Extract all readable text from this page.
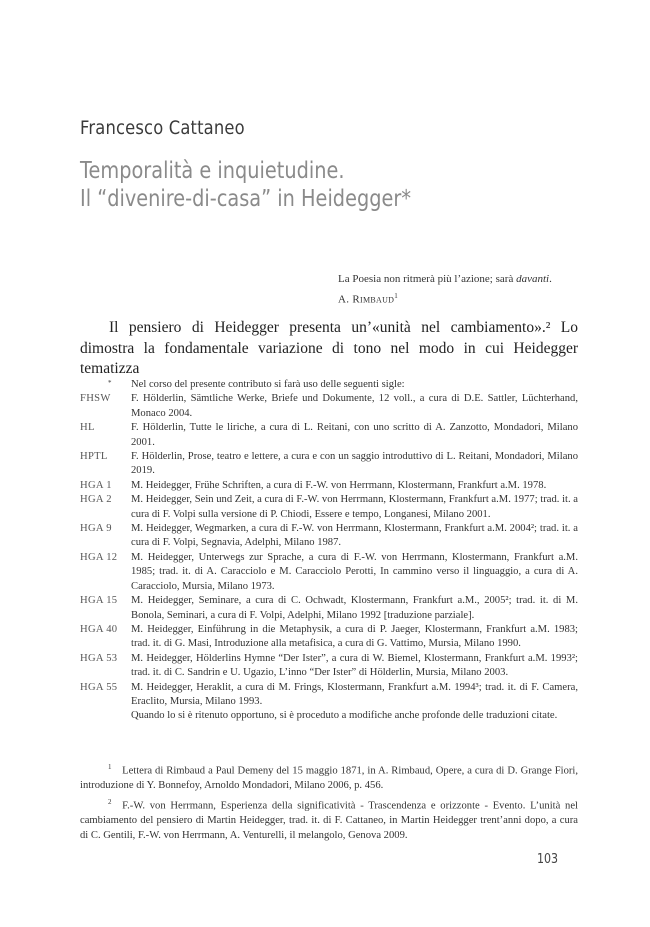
Francesco Cattaneo
Temporalità e inquietudine.
Il “divenire-di-casa” in Heidegger*
La Poesia non ritmerà più l’azione; sarà davanti.
A. Rimbaud$^1$

Il pensiero di Heidegger presenta un’«unità nel cambiamento».² Lo dimostra la fondamentale variazione di tono nel modo in cui Heidegger tematizza

*	Nel corso del presente contributo si farà uso delle seguenti sigle:
FHSW	F. Hölderlin, Sämtliche Werke, Briefe und Dokumente, 12 voll., a cura di D.E. Sattler, Lüchterhand, Monaco 2004.
HL	F. Hölderlin, Tutte le liriche, a cura di L. Reitani, con uno scritto di A. Zanzotto, Mondadori, Milano 2001.
HPTL	F. Hölderlin, Prose, teatro e lettere, a cura e con un saggio introduttivo di L. Reitani, Mondadori, Milano 2019.
HGA 1	M. Heidegger, Frühe Schriften, a cura di F.-W. von Herrmann, Klostermann, Frankfurt a.M. 1978.
HGA 2	M. Heidegger, Sein und Zeit, a cura di F.-W. von Herrmann, Klostermann, Frankfurt a.M. 1977; trad. it. a cura di F. Volpi sulla versione di P. Chiodi, Essere e tempo, Longanesi, Milano 2001.
HGA 9	M. Heidegger, Wegmarken, a cura di F.-W. von Herrmann, Klostermann, Frankfurt a.M. 2004²; trad. it. a cura di F. Volpi, Segnavia, Adelphi, Milano 1987.
HGA 12	M. Heidegger, Unterwegs zur Sprache, a cura di F.-W. von Herrmann, Klostermann, Frankfurt a.M. 1985; trad. it. di A. Caracciolo e M. Caracciolo Perotti, In cammino verso il linguaggio, a cura di A. Caracciolo, Mursia, Milano 1973.
HGA 15	M. Heidegger, Seminare, a cura di C. Ochwadt, Klostermann, Frankfurt a.M., 2005²; trad. it. di M. Bonola, Seminari, a cura di F. Volpi, Adelphi, Milano 1992 [traduzione parziale].
HGA 40	M. Heidegger, Einführung in die Metaphysik, a cura di P. Jaeger, Klostermann, Frankfurt a.M. 1983; trad. it. di G. Masi, Introduzione alla metafisica, a cura di G. Vattimo, Mursia, Milano 1990.
HGA 53	M. Heidegger, Hölderlins Hymne “Der Ister”, a cura di W. Biemel, Klostermann, Frankfurt a.M. 1993²; trad. it. di C. Sandrin e U. Ugazio, L’inno “Der Ister” di Hölderlin, Mursia, Milano 2003.
HGA 55	M. Heidegger, Heraklit, a cura di M. Frings, Klostermann, Frankfurt a.M. 1994³; trad. it. di F. Camera, Eraclito, Mursia, Milano 1993.
Quando lo si è ritenuto opportuno, si è proceduto a modifiche anche profonde delle traduzioni citate.

$^1$  Lettera di Rimbaud a Paul Demeny del 15 maggio 1871, in A. Rimbaud, Opere, a cura di D. Grange Fiori, introduzione di Y. Bonnefoy, Arnoldo Mondadori, Milano 2006, p. 456.

$^2$  F.-W. von Herrmann, Esperienza della significatività - Trascendenza e orizzonte - Evento. L’unità nel cambiamento del pensiero di Martin Heidegger, trad. it. di F. Cattaneo, in Martin Heidegger trent’anni dopo, a cura di C. Gentili, F.-W. von Herrmann, A. Venturelli, il melangolo, Genova 2009.

103
